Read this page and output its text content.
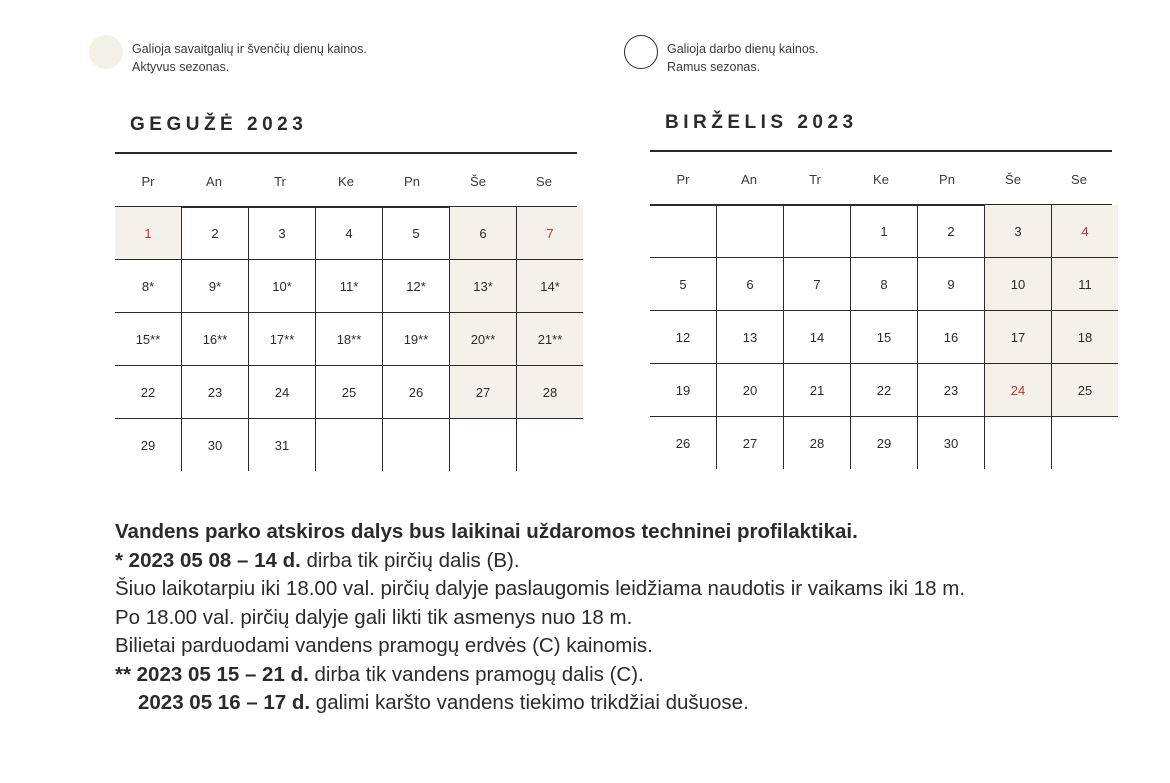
Galioja savaitgalių ir švenčių dienų kainos.
Aktyvus sezonas.
Galioja darbo dienų kainos.
Ramus sezonas.
GEGUŽĖ 2023
Pr	An	Tr	Ke	Pn	Še	Se
1	2	3	4	5	6	7
8*	9*	10*	11*	12*	13*	14*
15**	16**	17**	18**	19**	20**	21**
22	23	24	25	26	27	28
29	30	31				
BIRŽELIS 2023
Pr	An	Tr	Ke	Pn	Še	Se
			1	2	3	4
5	6	7	8	9	10	11
12	13	14	15	16	17	18
19	20	21	22	23	24	25
26	27	28	29	30		
Vandens parko atskiros dalys bus laikinai uždaromos techninei profilaktikai.
* 2023 05 08 – 14 d. dirba tik pirčių dalis (B).
Šiuo laikotarpiu iki 18.00 val. pirčių dalyje paslaugomis leidžiama naudotis ir vaikams iki 18 m.
Po 18.00 val. pirčių dalyje gali likti tik asmenys nuo 18 m.
Bilietai parduodami vandens pramogų erdvės (C) kainomis.
** 2023 05 15 – 21 d. dirba tik vandens pramogų dalis (C).
2023 05 16 – 17 d. galimi karšto vandens tiekimo trikdžiai dušuose.
